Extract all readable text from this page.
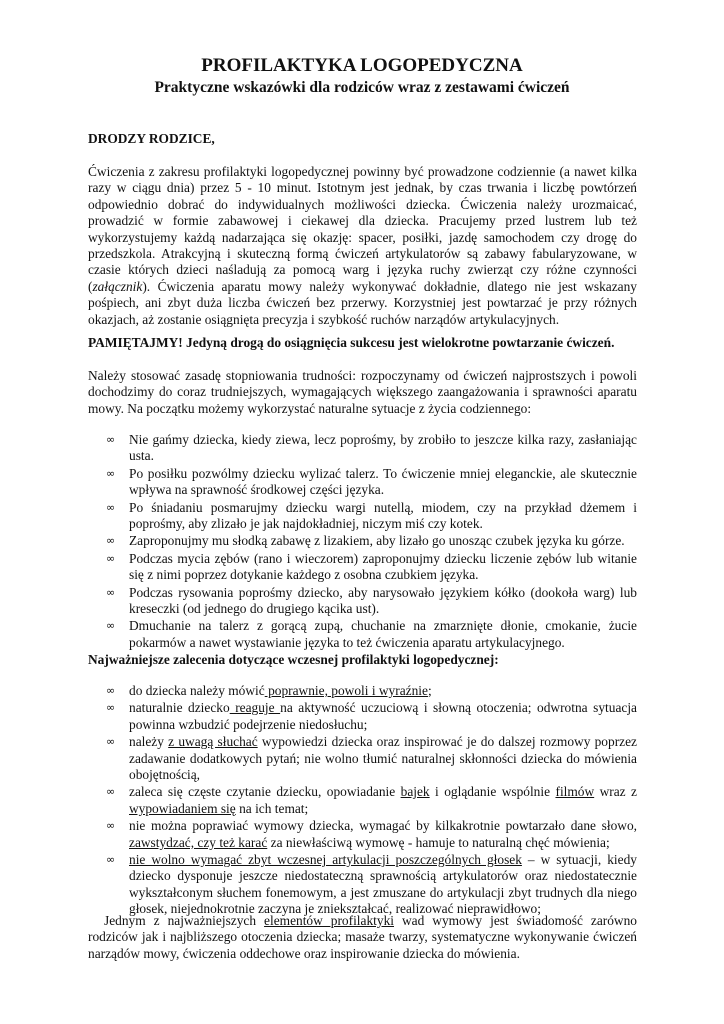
PROFILAKTYKA LOGOPEDYCZNA
Praktyczne wskazówki dla rodziców wraz z zestawami ćwiczeń
DRODZY RODZICE,
Ćwiczenia z zakresu profilaktyki logopedycznej powinny być prowadzone codziennie (a nawet kilka razy w ciągu dnia) przez 5 - 10 minut. Istotnym jest jednak, by czas trwania i liczbę powtórzeń odpowiednio dobrać do indywidualnych możliwości dziecka. Ćwiczenia należy urozmaicać, prowadzić w formie zabawowej i ciekawej dla dziecka. Pracujemy przed lustrem lub też wykorzystujemy każdą nadarzająca się okazję: spacer, posiłki, jazdę samochodem czy drogę do przedszkola. Atrakcyjną i skuteczną formą ćwiczeń artykulatorów są zabawy fabularyzowane, w czasie których dzieci naśladują za pomocą warg i języka ruchy zwierząt czy różne czynności (załącznik). Ćwiczenia aparatu mowy należy wykonywać dokładnie, dlatego nie jest wskazany pośpiech, ani zbyt duża liczba ćwiczeń bez przerwy. Korzystniej jest powtarzać je przy różnych okazjach, aż zostanie osiągnięta precyzja i szybkość ruchów narządów artykulacyjnych.
PAMIĘTAJMY! Jedyną drogą do osiągnięcia sukcesu jest wielokrotne powtarzanie ćwiczeń.
Należy stosować zasadę stopniowania trudności: rozpoczynamy od ćwiczeń najprostszych i powoli dochodzimy do coraz trudniejszych, wymagających większego zaangażowania i sprawności aparatu mowy. Na początku możemy wykorzystać naturalne sytuacje z życia codziennego:
∞ Nie gańmy dziecka, kiedy ziewa, lecz poprośmy, by zrobiło to jeszcze kilka razy, zasłaniając usta.
∞ Po posiłku pozwólmy dziecku wylizać talerz. To ćwiczenie mniej eleganckie, ale skutecznie wpływa na sprawność środkowej części języka.
∞ Po śniadaniu posmarujmy dziecku wargi nutellą, miodem, czy na przykład dżemem i poprośmy, aby zlizało je jak najdokładniej, niczym miś czy kotek.
∞ Zaproponujmy mu słodką zabawę z lizakiem, aby lizało go unosząc czubek języka ku górze.
∞ Podczas mycia zębów (rano i wieczorem) zaproponujmy dziecku liczenie zębów lub witanie się z nimi poprzez dotykanie każdego z osobna czubkiem języka.
∞ Podczas rysowania poprośmy dziecko, aby narysowało językiem kółko (dookoła warg) lub kreseczki (od jednego do drugiego kącika ust).
∞ Dmuchanie na talerz z gorącą zupą, chuchanie na zmarznięte dłonie, cmokanie, żucie pokarmów a nawet wystawianie języka to też ćwiczenia aparatu artykulacyjnego.
Najważniejsze zalecenia dotyczące wczesnej profilaktyki logopedycznej:
∞ do dziecka należy mówić poprawnie, powoli i wyraźnie;
∞ naturalnie dziecko reaguje na aktywność uczuciową i słowną otoczenia; odwrotna sytuacja powinna wzbudzić podejrzenie niedosłuchu;
∞ należy z uwagą słuchać wypowiedzi dziecka oraz inspirować je do dalszej rozmowy poprzez zadawanie dodatkowych pytań; nie wolno tłumić naturalnej skłonności dziecka do mówienia obojętnością,
∞ zaleca się częste czytanie dziecku, opowiadanie bajek i oglądanie wspólnie filmów wraz z wypowiadaniem się na ich temat;
∞ nie można poprawiać wymowy dziecka, wymagać by kilkakrotnie powtarzało dane słowo, zawstydzać, czy też karać za niewłaściwą wymowę - hamuje to naturalną chęć mówienia;
∞ nie wolno wymagać zbyt wczesnej artykulacji poszczególnych głosek – w sytuacji, kiedy dziecko dysponuje jeszcze niedostateczną sprawnością artykulatorów oraz niedostatecznie wykształconym słuchem fonemowym, a jest zmuszane do artykulacji zbyt trudnych dla niego głosek, niejednokrotnie zaczyna je zniekształcać, realizować nieprawidłowo;
Jednym z najważniejszych elementów profilaktyki wad wymowy jest świadomość zarówno rodziców jak i najbliższego otoczenia dziecka; masaże twarzy, systematyczne wykonywanie ćwiczeń narządów mowy, ćwiczenia oddechowe oraz inspirowanie dziecka do mówienia.
